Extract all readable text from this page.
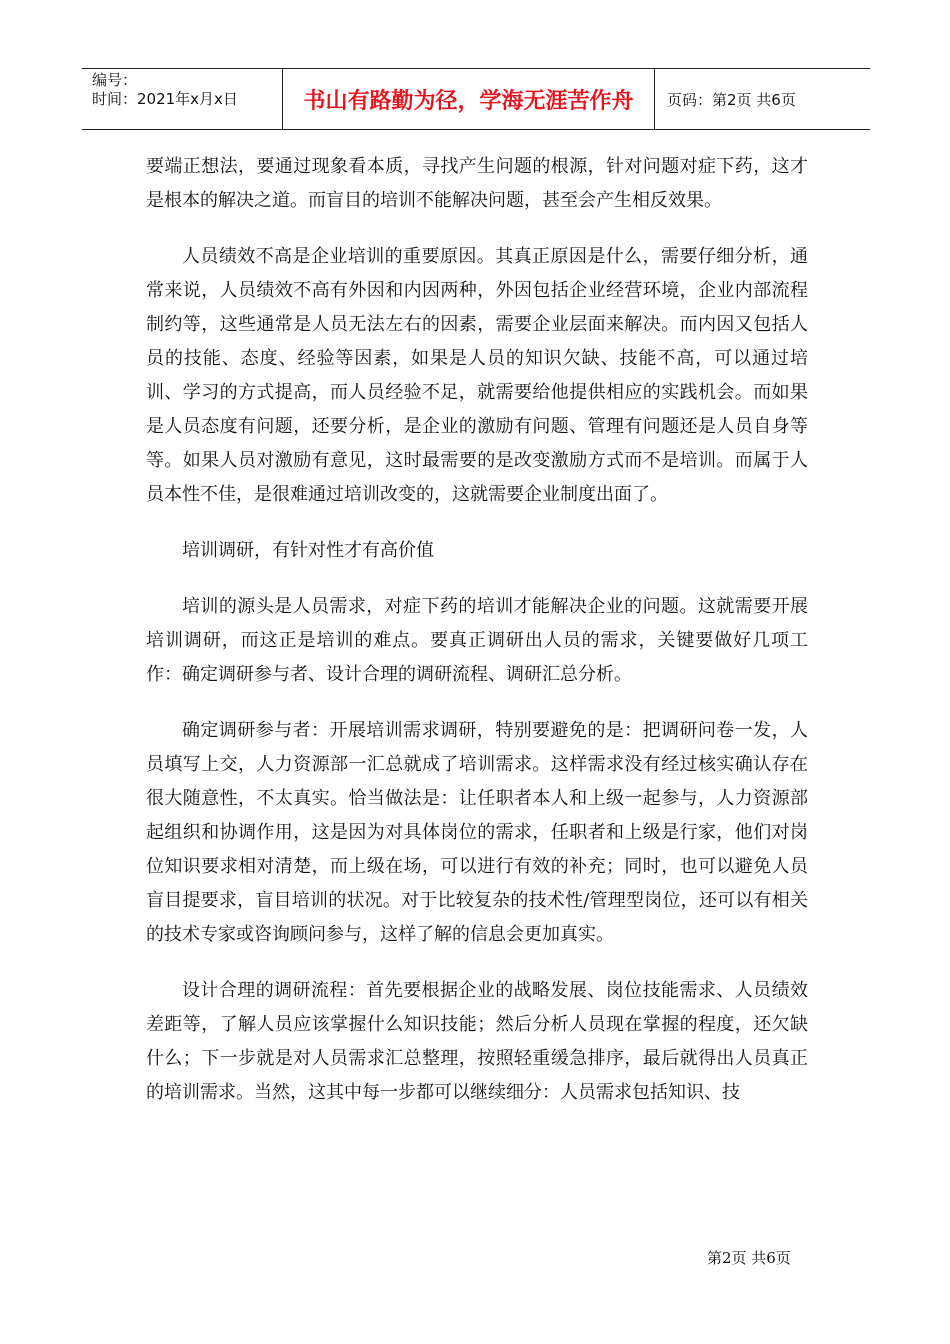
编号：
时间：2021年x月x日	书山有路勤为径，学海无涯苦作舟	页码：第2页 共6页

要端正想法，要通过现象看本质，寻找产生问题的根源，针对问题对症下药，这才是根本的解决之道。而盲目的培训不能解决问题，甚至会产生相反效果。

人员绩效不高是企业培训的重要原因。其真正原因是什么，需要仔细分析，通常来说，人员绩效不高有外因和内因两种，外因包括企业经营环境，企业内部流程制约等，这些通常是人员无法左右的因素，需要企业层面来解决。而内因又包括人员的技能、态度、经验等因素，如果是人员的知识欠缺、技能不高，可以通过培训、学习的方式提高，而人员经验不足，就需要给他提供相应的实践机会。而如果是人员态度有问题，还要分析，是企业的激励有问题、管理有问题还是人员自身等等。如果人员对激励有意见，这时最需要的是改变激励方式而不是培训。而属于人员本性不佳，是很难通过培训改变的，这就需要企业制度出面了。

培训调研，有针对性才有高价值

培训的源头是人员需求，对症下药的培训才能解决企业的问题。这就需要开展培训调研，而这正是培训的难点。要真正调研出人员的需求，关键要做好几项工作：确定调研参与者、设计合理的调研流程、调研汇总分析。

确定调研参与者：开展培训需求调研，特别要避免的是：把调研问卷一发，人员填写上交，人力资源部一汇总就成了培训需求。这样需求没有经过核实确认存在很大随意性，不太真实。恰当做法是：让任职者本人和上级一起参与，人力资源部起组织和协调作用，这是因为对具体岗位的需求，任职者和上级是行家，他们对岗位知识要求相对清楚，而上级在场，可以进行有效的补充；同时，也可以避免人员盲目提要求，盲目培训的状况。对于比较复杂的技术性/管理型岗位，还可以有相关的技术专家或咨询顾问参与，这样了解的信息会更加真实。

设计合理的调研流程：首先要根据企业的战略发展、岗位技能需求、人员绩效差距等，了解人员应该掌握什么知识技能；然后分析人员现在掌握的程度，还欠缺什么；下一步就是对人员需求汇总整理，按照轻重缓急排序，最后就得出人员真正的培训需求。当然，这其中每一步都可以继续细分：人员需求包括知识、技

第2页 共6页
